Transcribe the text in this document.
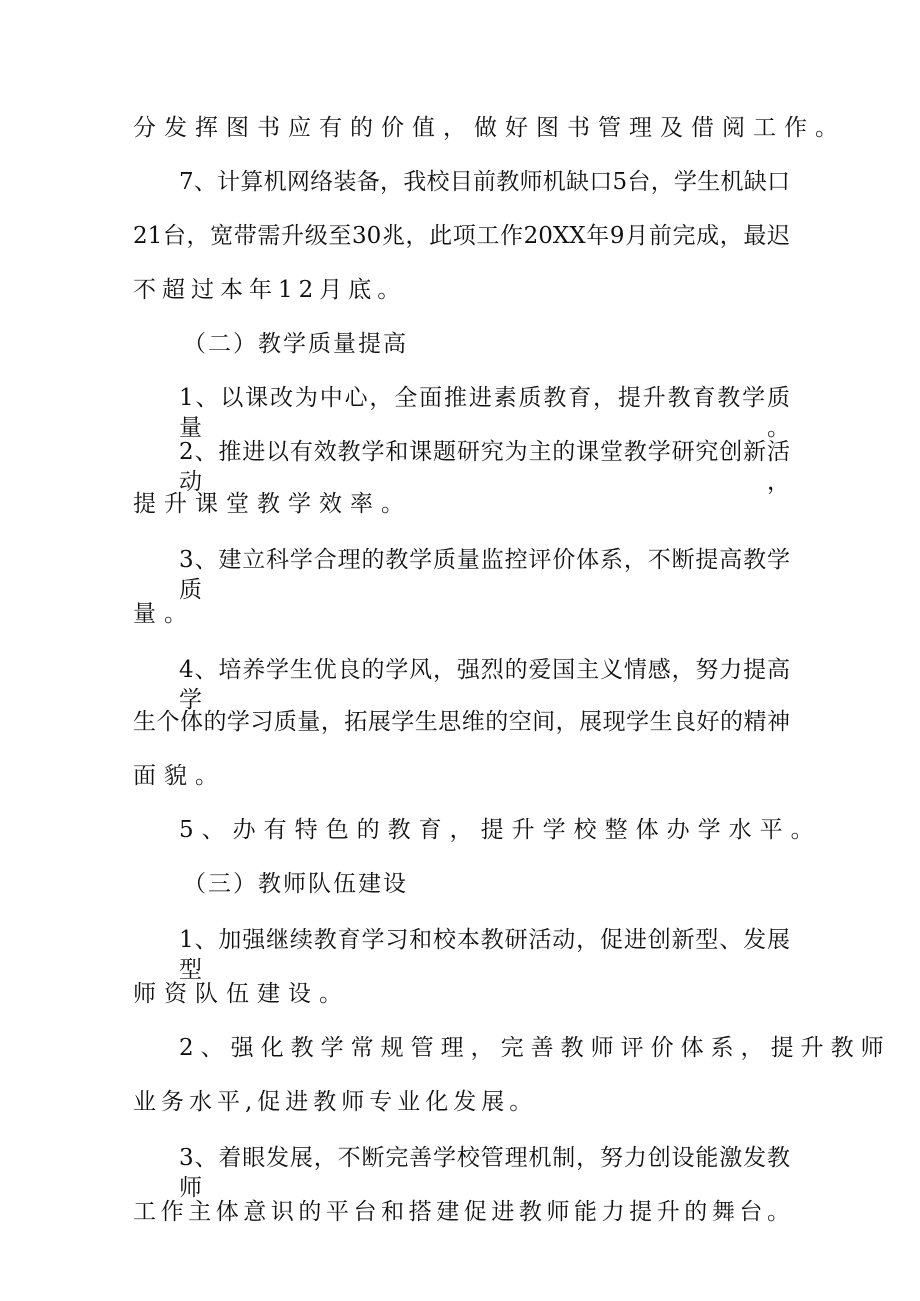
分发挥图书应有的价值，做好图书管理及借阅工作。
7、计算机网络装备，我校目前教师机缺口5台，学生机缺口
21台，宽带需升级至30兆，此项工作20XX年9月前完成，最迟
不超过本年12月底。
（二）教学质量提高
1、以课改为中心，全面推进素质教育，提升教育教学质量。
2、推进以有效教学和课题研究为主的课堂教学研究创新活动，
提升课堂教学效率。
3、建立科学合理的教学质量监控评价体系，不断提高教学质
量。
4、培养学生优良的学风，强烈的爱国主义情感，努力提高学
生个体的学习质量，拓展学生思维的空间，展现学生良好的精神
面貌。
5、办有特色的教育，提升学校整体办学水平。
（三）教师队伍建设
1、加强继续教育学习和校本教研活动，促进创新型、发展型
师资队伍建设。
2、强化教学常规管理，完善教师评价体系，提升教师
业务水平,促进教师专业化发展。
3、着眼发展，不断完善学校管理机制，努力创设能激发教师
工作主体意识的平台和搭建促进教师能力提升的舞台。
